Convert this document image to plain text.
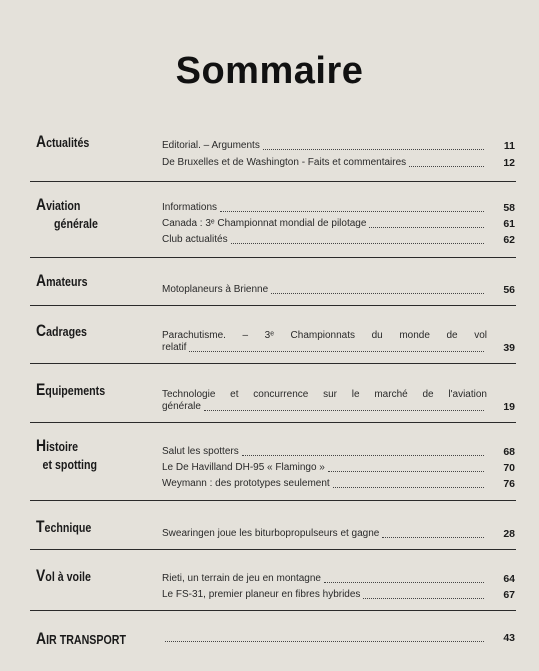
Sommaire
Actualités	Editorial. – Arguments	11
De Bruxelles et de Washington - Faits et commentaires	12
Aviation
générale
Informations	58
Canada : 3ᵉ Championnat mondial de pilotage	61
Club actualités	62
Amateurs
Motoplaneurs à Brienne	56
Cadrages	Parachutisme. – 3ᵉ Championnats du monde de vol
relatif	39
Equipements	Technologie et concurrence sur le marché de l'aviation
générale	19
Histoire
et spotting
Salut les spotters	68
Le De Havilland DH-95 « Flamingo »	70
Weymann : des prototypes seulement	76
Technique	Swearingen joue les biturbopropulseurs et gagne	28
Vol à voile	Rieti, un terrain de jeu en montagne	64
Le FS-31, premier planeur en fibres hybrides	67
AIR TRANSPORT	43
